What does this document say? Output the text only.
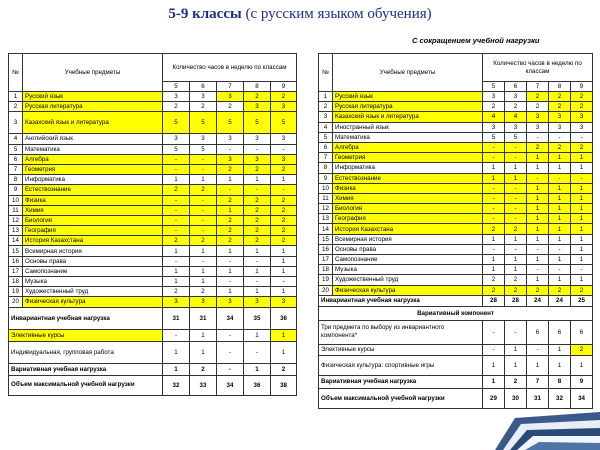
5-9 классы (с русским языком обучения)
С сокращением учебной нагрузки
№	Учебные предметы	Количество часов в неделю по классам				
		5	6	7	8	9
1	Русский язык	3	3	3	2	2
2	Русская литература	2	2	2	3	3
3	Казахский язык и литература	5	5	5	5	5
4	Английский язык	3	3	3	3	3
5	Математика	5	5	-	-	-
6	Алгебра	-	-	3	3	3
7	Геометрия	-	-	2	2	2
8	Информатика	1	1	1	1	1
9	Естествознание	2	2	-	-	-
10	Физика	-	-	2	2	2
11	Химия	-	-	1	2	2
12	Биология	-	-	2	2	2
13	География	-	-	2	2	2
14	История Казахстана	2	2	2	2	2
15	Всемирная история	1	1	1	1	1
16	Основы права	-	-	-	-	1
17	Самопознание	1	1	1	1	1
18	Музыка	1	1	-	-	-
19	Художественный труд	2	2	1	1	1
20	Физическая культура	3	3	3	3	3
Инвариантная учебная нагрузка		31	31	34	35	36
Элективные курсы		-	1	-	1	1
Индивидуальная, групповая работа		1	1	-	-	1
Вариативная учебная нагрузка		1	2	-	1	2
Объем максимальной учебной нагрузки		32	33	34	36	38
№	Учебные предметы	Количество часов в неделю по классам				
		5	6	7	8	9
1	Русский язык	3	3	2	2	2
2	Русская литература	2	2	2	2	2
3	Казахский язык и литература	4	4	3	3	3
4	Иностранный язык	3	3	3	3	3
5	Математика	5	5	-	-	-
6	Алгебра	-	-	2	2	2
7	Геометрия	-	-	1	1	1
8	Информатика	1	1	1	1	1
9	Естествознание	1	1	-	-	-
10	Физика	-	-	1	1	1
11	Химия	-	-	1	1	1
12	Биология	-	-	1	1	1
13	География	-	-	1	1	1
14	История Казахстана	2	2	1	1	1
15	Всемирная история	1	1	1	1	1
16	Основы права	-	-	-	-	1
17	Самопознание	1	1	1	1	1
18	Музыка	1	1	-	-	-
19	Художественный труд	2	2	1	1	1
20	Физическая культура	2	2	2	2	2
Инвариантная учебная нагрузка		28	28	24	24	25
Вариативный компонент						
Три предмета по выбору из инвариантного компонента*		-	-	6	6	6
Элективные курсы		-	1	-	1	2
Физическая культура: спортивные игры		1	1	1	1	1
Вариативная учебная нагрузка		1	2	7	8	9
Объем максимальной учебной нагрузки		29	30	31	32	34
